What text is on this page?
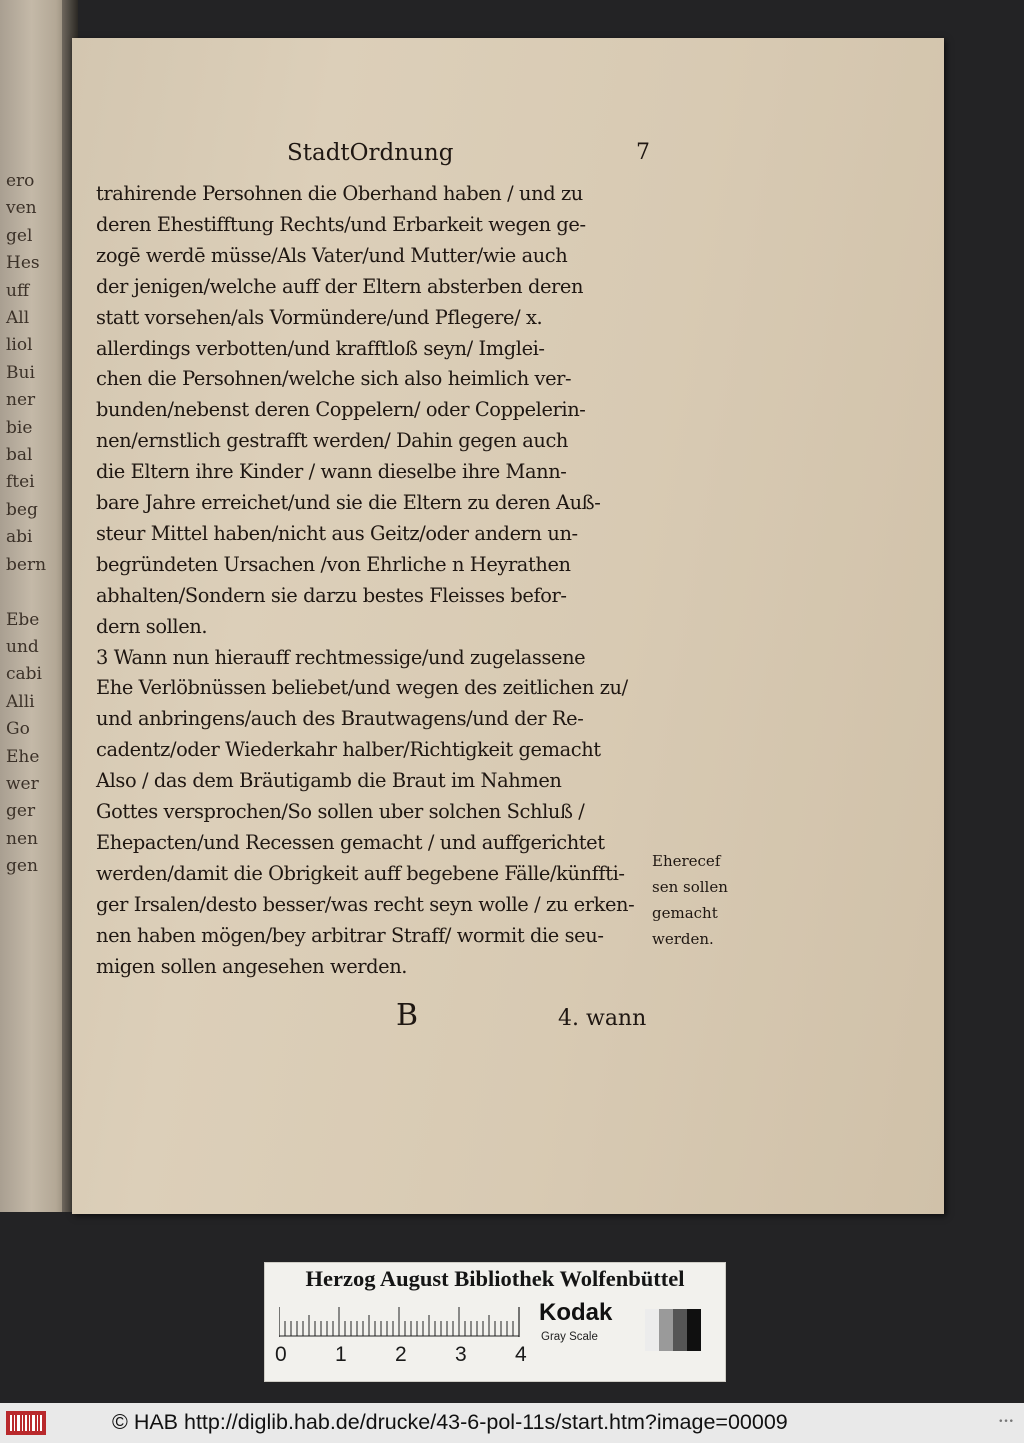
ero
ven
gel
Hes
uff
All
liol
Bui
ner
bie
bal
ftei
beg
abi
bern

Ebe
und
cabi
Alli
Go
Ehe
wer
ger
nen
gen
StadtOrdnung	7
trahirende Persohnen die Oberhand haben / und zu
deren Ehestifftung Rechts/und Erbarkeit wegen ge-
zogē werdē müsse/Als Vater/und Mutter/wie auch
der jenigen/welche auff der Eltern absterben deren
statt vorsehen/als Vormündere/und Pflegere/ x.
allerdings verbotten/und krafftloß seyn/ Imglei-
chen die Persohnen/welche sich also heimlich ver-
bunden/nebenst deren Coppelern/ oder Coppelerin-
nen/ernstlich gestrafft werden/ Dahin gegen auch
die Eltern ihre Kinder / wann dieselbe ihre Mann-
bare Jahre erreichet/und sie die Eltern zu deren Auß-
steur Mittel haben/nicht aus Geitz/oder andern un-
begründeten Ursachen /von Ehrliche n Heyrathen
abhalten/Sondern sie darzu bestes Fleisses befor-
dern sollen.
3 Wann nun hierauff rechtmessige/und zugelassene
Ehe Verlöbnüssen beliebet/und wegen des zeitlichen zu/
und anbringens/auch des Brautwagens/und der Re-
cadentz/oder Wiederkahr halber/Richtigkeit gemacht
Also / das dem Bräutigamb die Braut im Nahmen
Gottes versprochen/So sollen uber solchen Schluß /
Ehepacten/und Recessen gemacht / und auffgerichtet
werden/damit die Obrigkeit auff begebene Fälle/künffti-
ger Irsalen/desto besser/was recht seyn wolle / zu erken-
nen haben mögen/bey arbitrar Straff/ wormit die seu-
migen sollen angesehen werden.
Eherecef
sen sollen
gemacht
werden.
B	4. wann
Herzog August Bibliothek Wolfenbüttel
0 1 2 3 4
Kodak
Gray Scale
© HAB http://diglib.hab.de/drucke/43-6-pol-11s/start.htm?image=00009	•••
